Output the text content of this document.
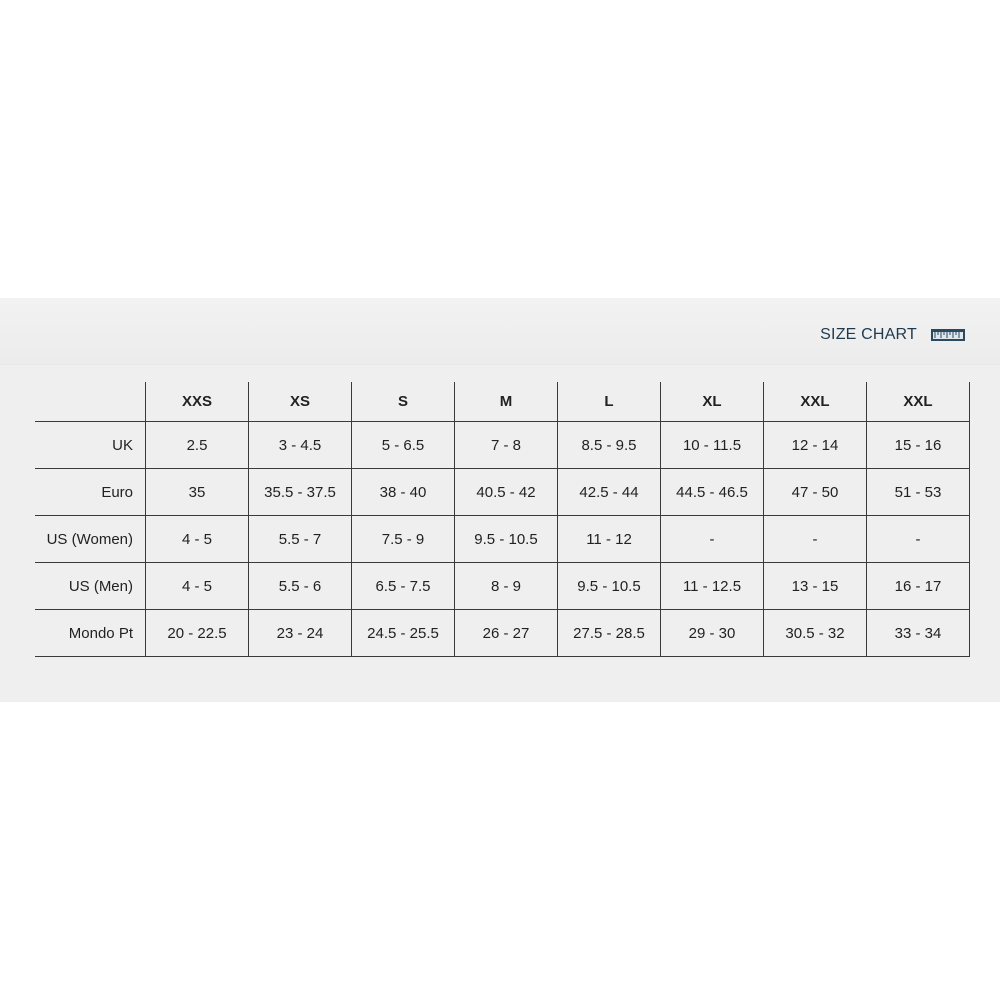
SIZE CHART
	XXS	XS	S	M	L	XL	XXL	XXL
UK	2.5	3 - 4.5	5 - 6.5	7 - 8	8.5 - 9.5	10 - 11.5	12 - 14	15 - 16
Euro	35	35.5 - 37.5	38 - 40	40.5 - 42	42.5 - 44	44.5 - 46.5	47 - 50	51 - 53
US (Women)	4 - 5	5.5 - 7	7.5 - 9	9.5 - 10.5	11 - 12	-	-	-
US (Men)	4 - 5	5.5 - 6	6.5 - 7.5	8 - 9	9.5 - 10.5	11 - 12.5	13 - 15	16 - 17
Mondo Pt	20 - 22.5	23 - 24	24.5 - 25.5	26 - 27	27.5 - 28.5	29 - 30	30.5 - 32	33 - 34
